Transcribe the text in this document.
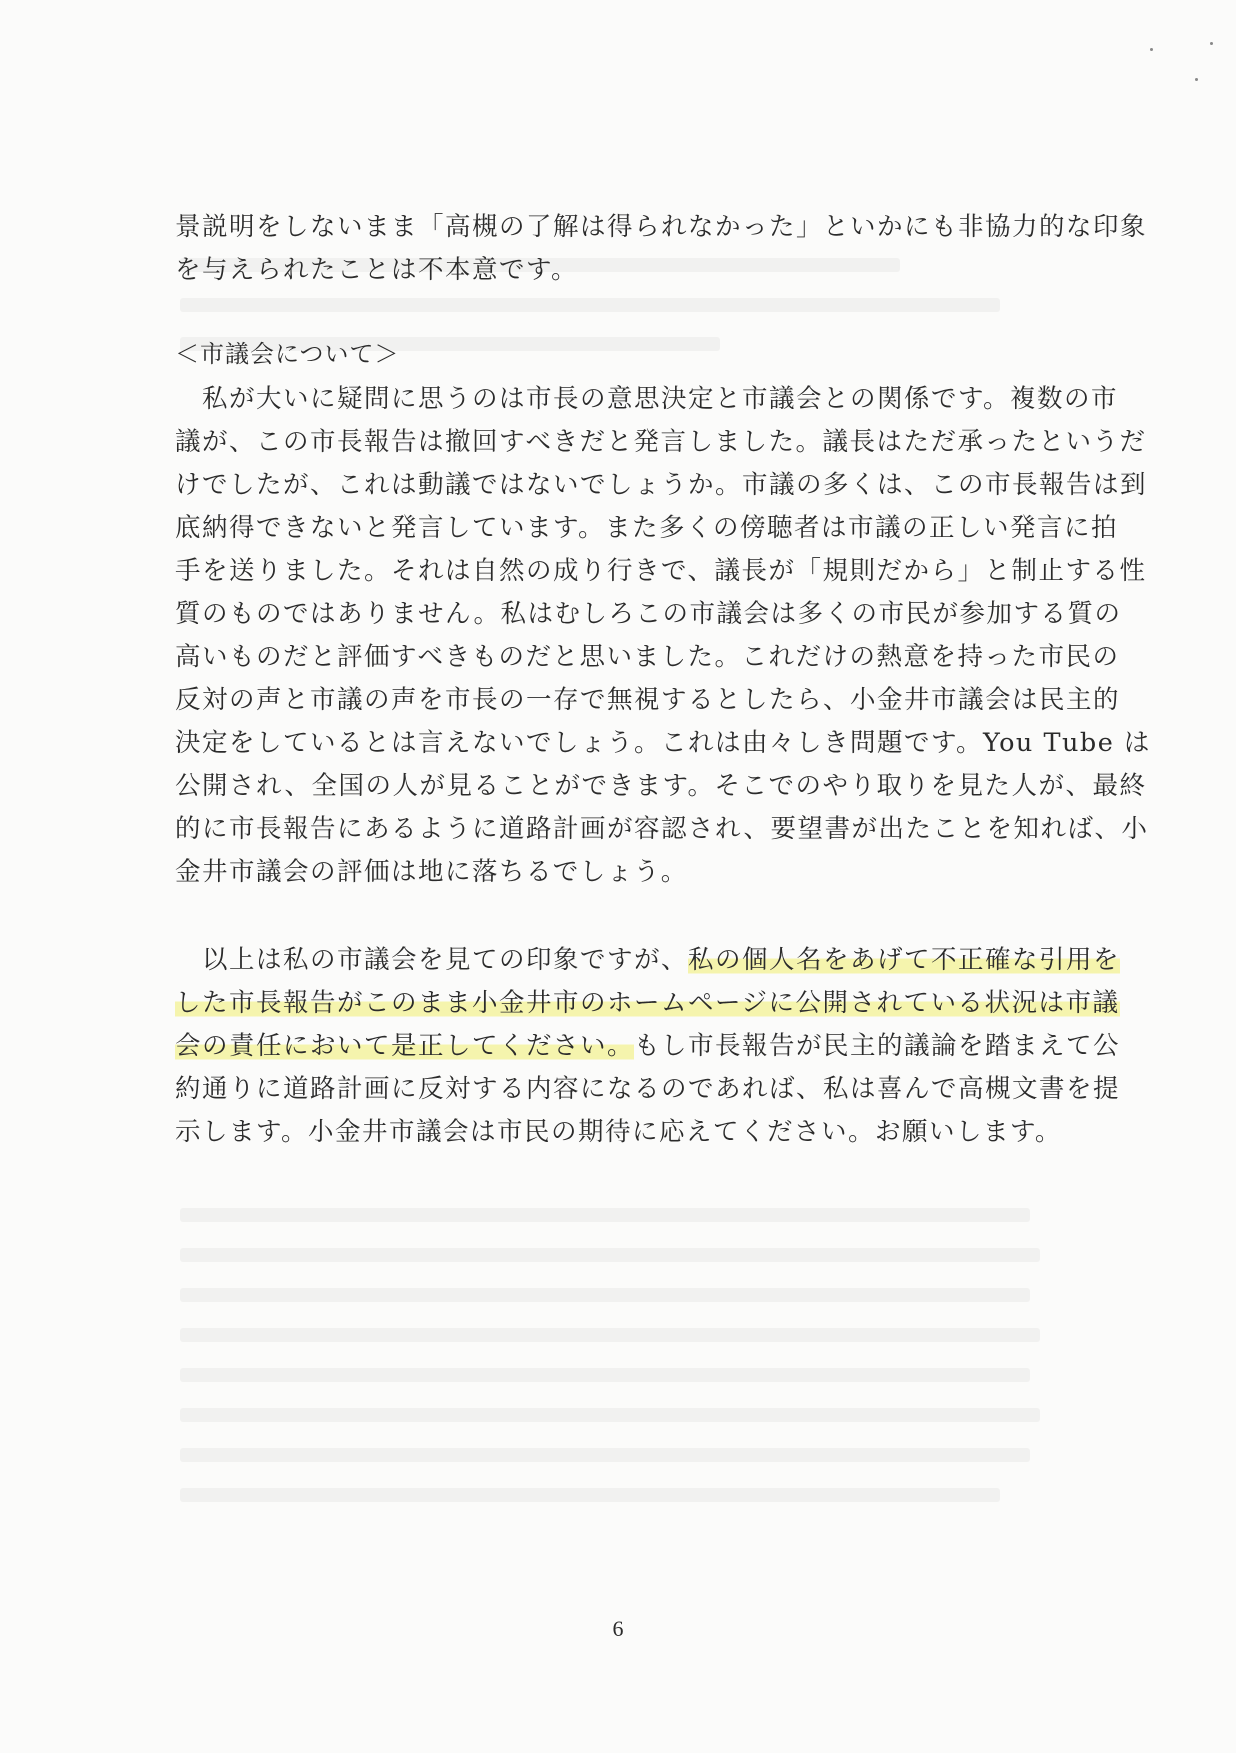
景説明をしないまま「高槻の了解は得られなかった」といかにも非協力的な印象
を与えられたことは不本意です。
＜市議会について＞
　私が大いに疑問に思うのは市長の意思決定と市議会との関係です。複数の市
議が、この市長報告は撤回すべきだと発言しました。議長はただ承ったというだ
けでしたが、これは動議ではないでしょうか。市議の多くは、この市長報告は到
底納得できないと発言しています。また多くの傍聴者は市議の正しい発言に拍
手を送りました。それは自然の成り行きで、議長が「規則だから」と制止する性
質のものではありません。私はむしろこの市議会は多くの市民が参加する質の
高いものだと評価すべきものだと思いました。これだけの熱意を持った市民の
反対の声と市議の声を市長の一存で無視するとしたら、小金井市議会は民主的
決定をしているとは言えないでしょう。これは由々しき問題です。You Tube は
公開され、全国の人が見ることができます。そこでのやり取りを見た人が、最終
的に市長報告にあるように道路計画が容認され、要望書が出たことを知れば、小
金井市議会の評価は地に落ちるでしょう。
　以上は私の市議会を見ての印象ですが、私の個人名をあげて不正確な引用を
した市長報告がこのまま小金井市のホームページに公開されている状況は市議
会の責任において是正してください。もし市長報告が民主的議論を踏まえて公
約通りに道路計画に反対する内容になるのであれば、私は喜んで高槻文書を提
示します。小金井市議会は市民の期待に応えてください。お願いします。
6
